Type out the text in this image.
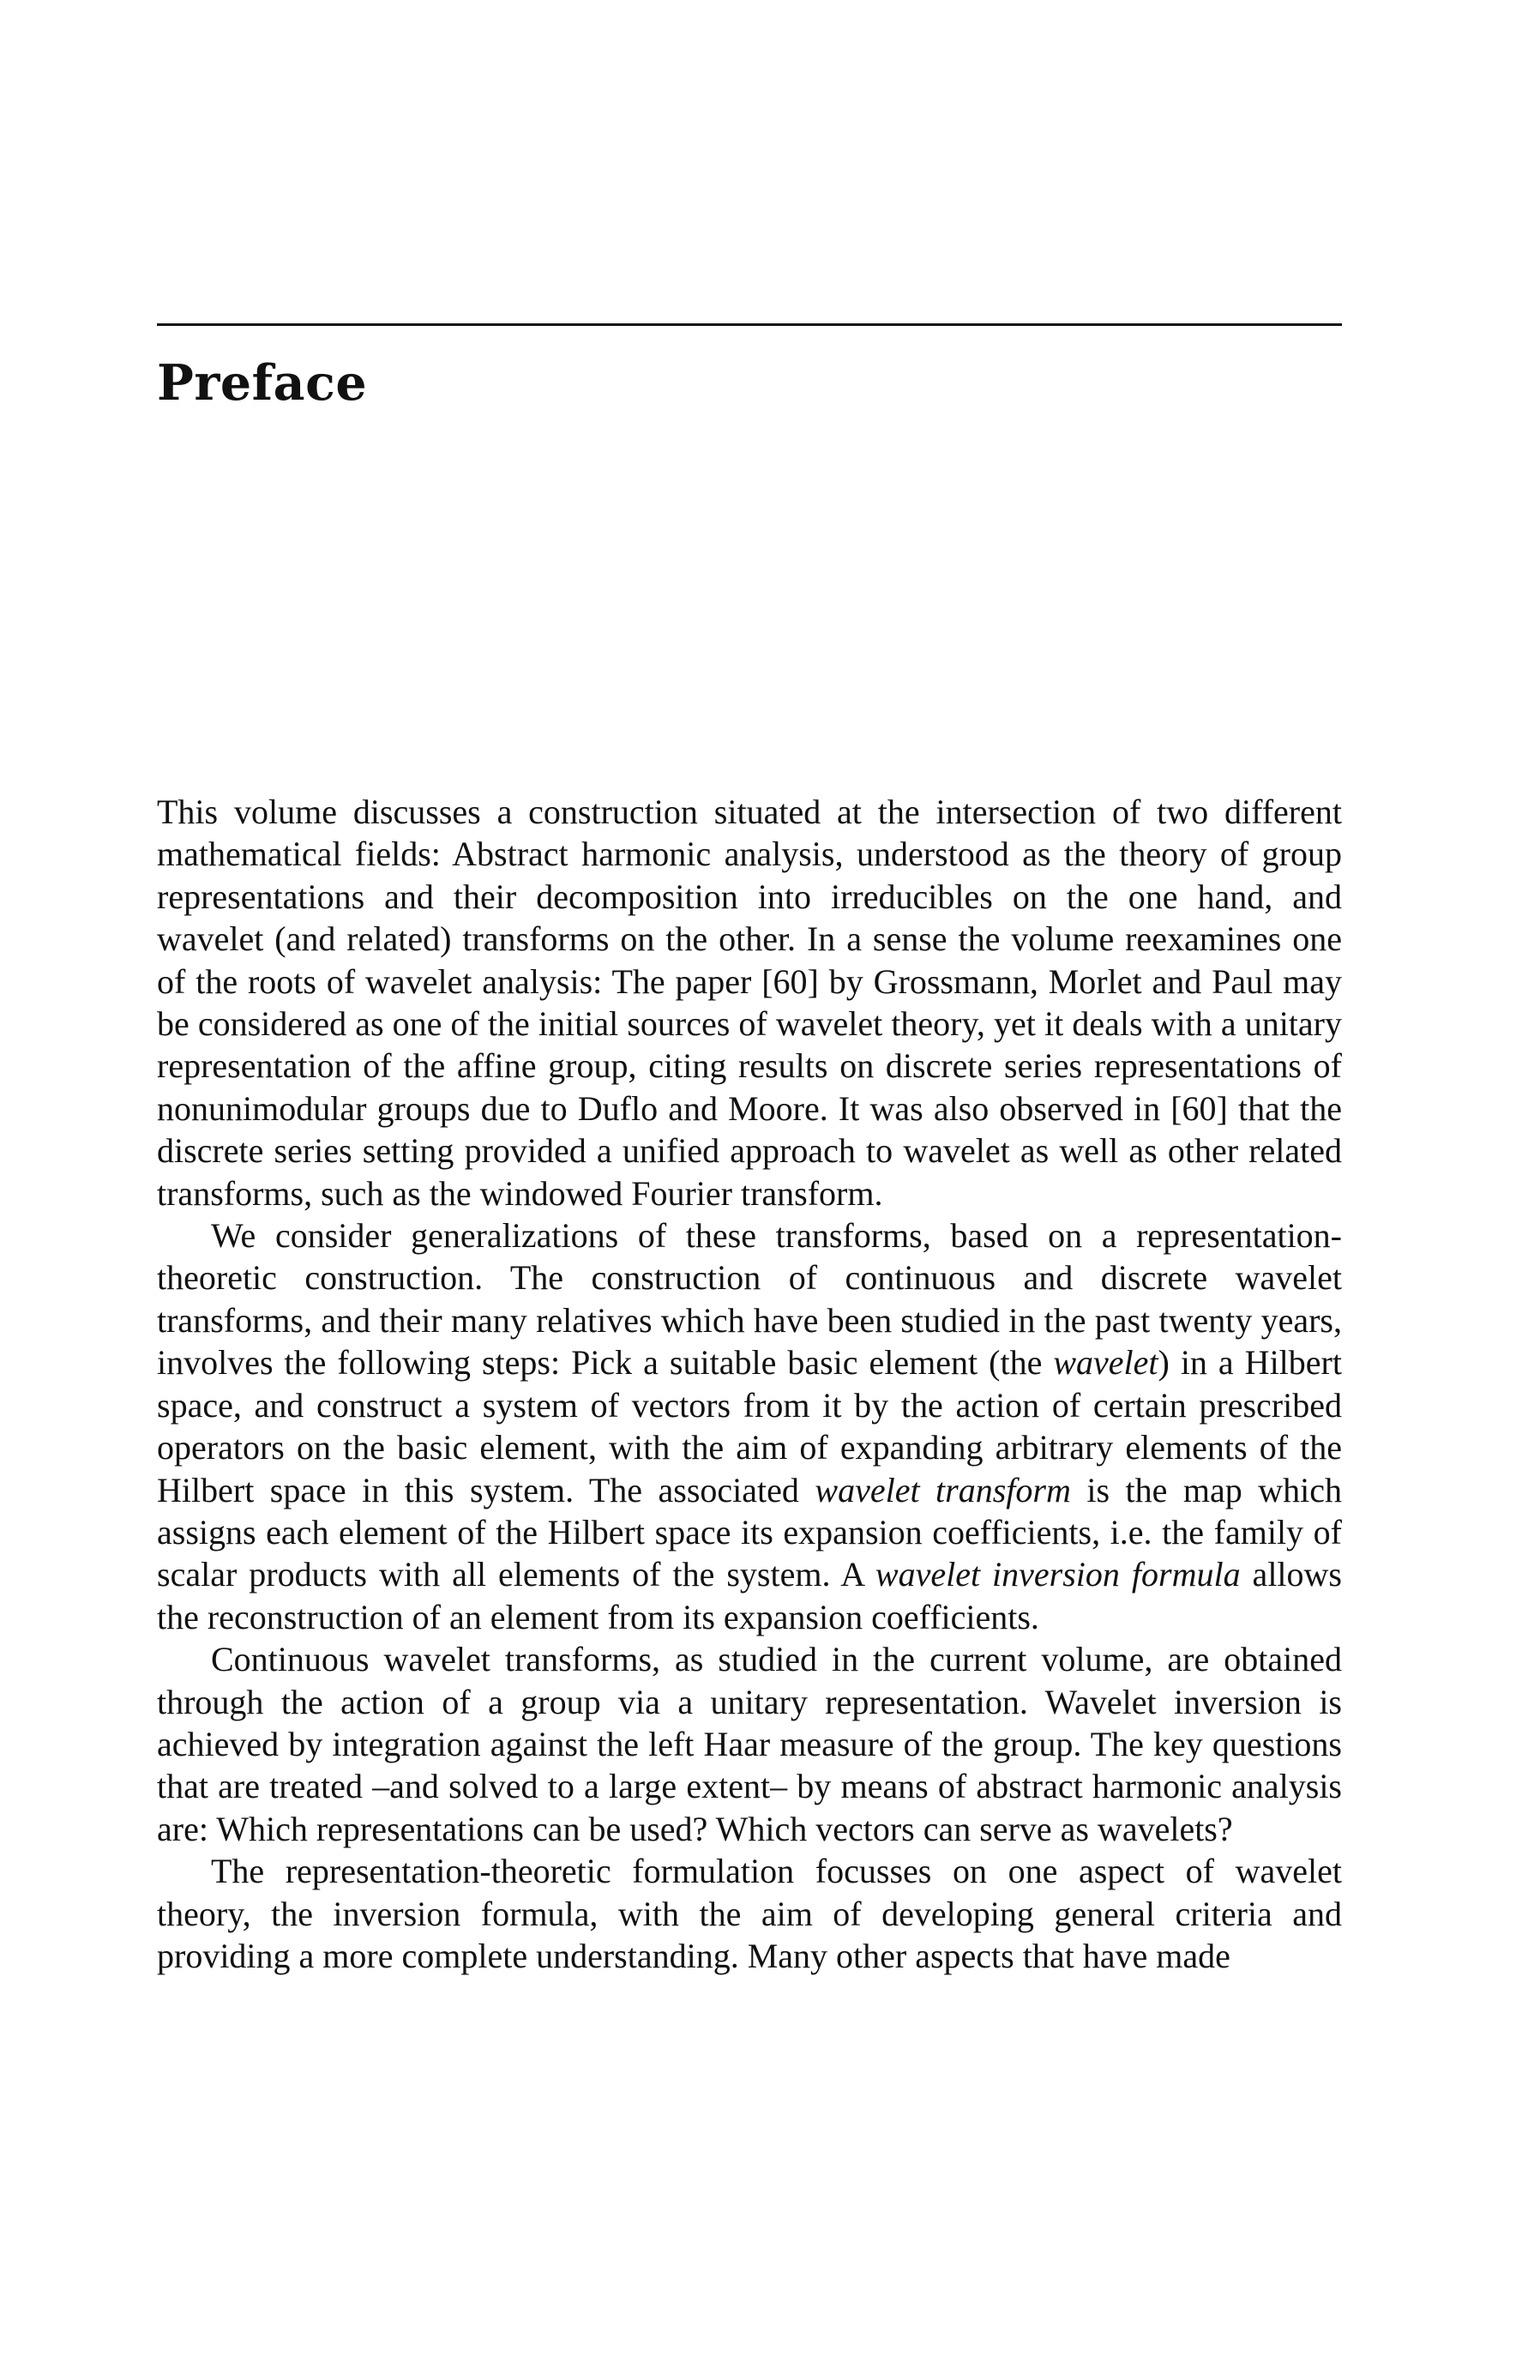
Preface

This volume discusses a construction situated at the intersection of two different mathematical fields: Abstract harmonic analysis, understood as the theory of group representations and their decomposition into irreducibles on the one hand, and wavelet (and related) transforms on the other. In a sense the volume reexamines one of the roots of wavelet analysis: The paper [60] by Grossmann, Morlet and Paul may be considered as one of the initial sources of wavelet theory, yet it deals with a unitary representation of the affine group, citing results on discrete series representations of nonunimodular groups due to Duflo and Moore. It was also observed in [60] that the discrete series setting provided a unified approach to wavelet as well as other related transforms, such as the windowed Fourier transform.

We consider generalizations of these transforms, based on a representation-theoretic construction. The construction of continuous and discrete wavelet transforms, and their many relatives which have been studied in the past twenty years, involves the following steps: Pick a suitable basic element (the wavelet) in a Hilbert space, and construct a system of vectors from it by the action of certain prescribed operators on the basic element, with the aim of expanding arbitrary elements of the Hilbert space in this system. The associated wavelet transform is the map which assigns each element of the Hilbert space its expansion coefficients, i.e. the family of scalar products with all elements of the system. A wavelet inversion formula allows the reconstruction of an element from its expansion coefficients.

Continuous wavelet transforms, as studied in the current volume, are obtained through the action of a group via a unitary representation. Wavelet inversion is achieved by integration against the left Haar measure of the group. The key questions that are treated –and solved to a large extent– by means of abstract harmonic analysis are: Which representations can be used? Which vectors can serve as wavelets?

The representation-theoretic formulation focusses on one aspect of wavelet theory, the inversion formula, with the aim of developing general criteria and providing a more complete understanding. Many other aspects that have made
